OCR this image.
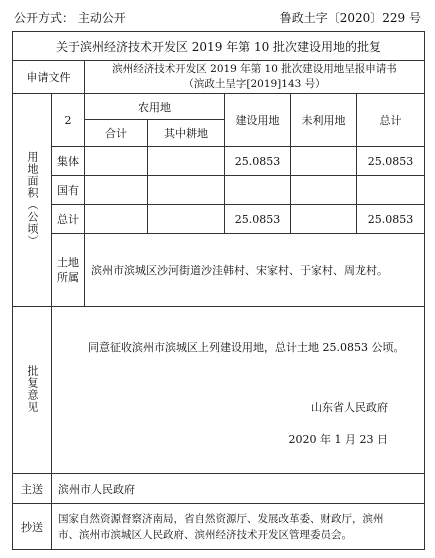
公开方式： 主动公开	鲁政土字〔2020〕229 号
关于滨州经济技术开发区 2019 年第 10 批次建设用地的批复						
申请文件		滨州经济技术开发区 2019 年第 10 批次建设用地呈报申请书
（滨政土呈字[2019]143 号）				

用地面积（公顷）	2	农用地		建设用地	未利用地	总计
		合计	其中耕地			
	集体			25.0853		25.0853
	国有					
	总计			25.0853		25.0853

	土地所属	滨州市滨城区沙河街道沙洼韩村、宋家村、于家村、周龙村。				

批复意见	同意征收滨州市滨城区上列建设用地，总计土地 25.0853 公顷。
山东省人民政府
2020 年 1 月 23 日					

主送	滨州市人民政府					
抄送	国家自然资源督察济南局，省自然资源厅、发展改革委、财政厅，滨州
市、滨州市滨城区人民政府、滨州经济技术开发区管理委员会。					
